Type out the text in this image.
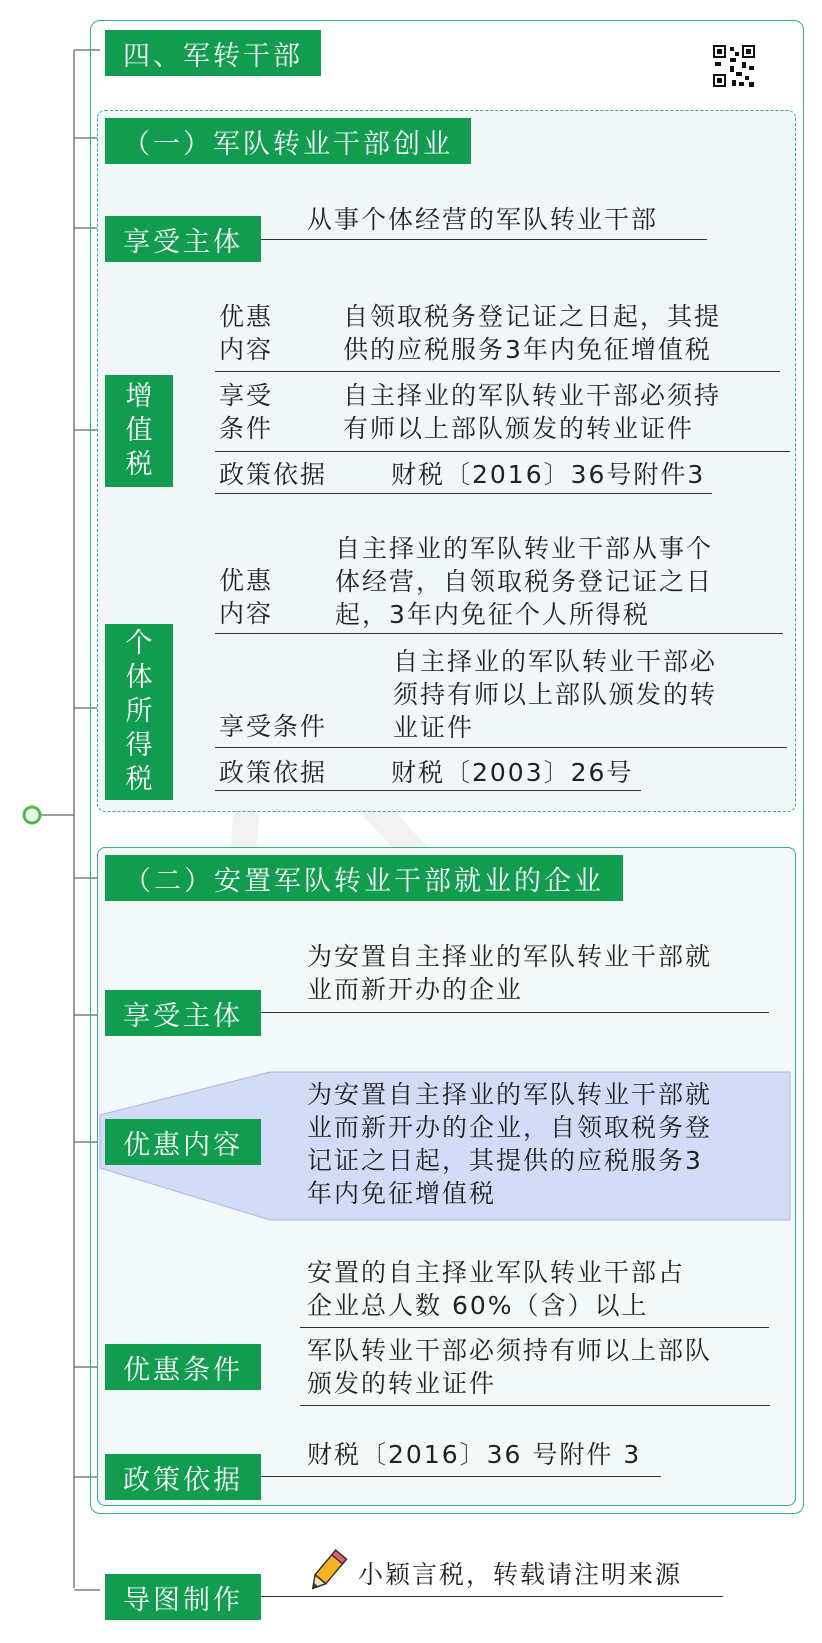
四、军转干部
（一）军队转业干部创业
享受主体
从事个体经营的军队转业干部
增
值
税
优惠
内容
自领取税务登记证之日起，其提
供的应税服务3年内免征增值税
享受
条件
自主择业的军队转业干部必须持
有师以上部队颁发的转业证件
政策依据	财税〔2016〕36号附件3
个
体
所
得
税
优惠
内容
自主择业的军队转业干部从事个
体经营，自领取税务登记证之日
起，3年内免征个人所得税
享受条件
自主择业的军队转业干部必
须持有师以上部队颁发的转
业证件
政策依据	财税〔2003〕26号
（二）安置军队转业干部就业的企业
享受主体
为安置自主择业的军队转业干部就
业而新开办的企业
优惠内容
为安置自主择业的军队转业干部就
业而新开办的企业，自领取税务登
记证之日起，其提供的应税服务3
年内免征增值税
优惠条件
安置的自主择业军队转业干部占
企业总人数 60%（含）以上
军队转业干部必须持有师以上部队
颁发的转业证件
政策依据
财税〔2016〕36 号附件 3
导图制作
小颖言税，转载请注明来源
